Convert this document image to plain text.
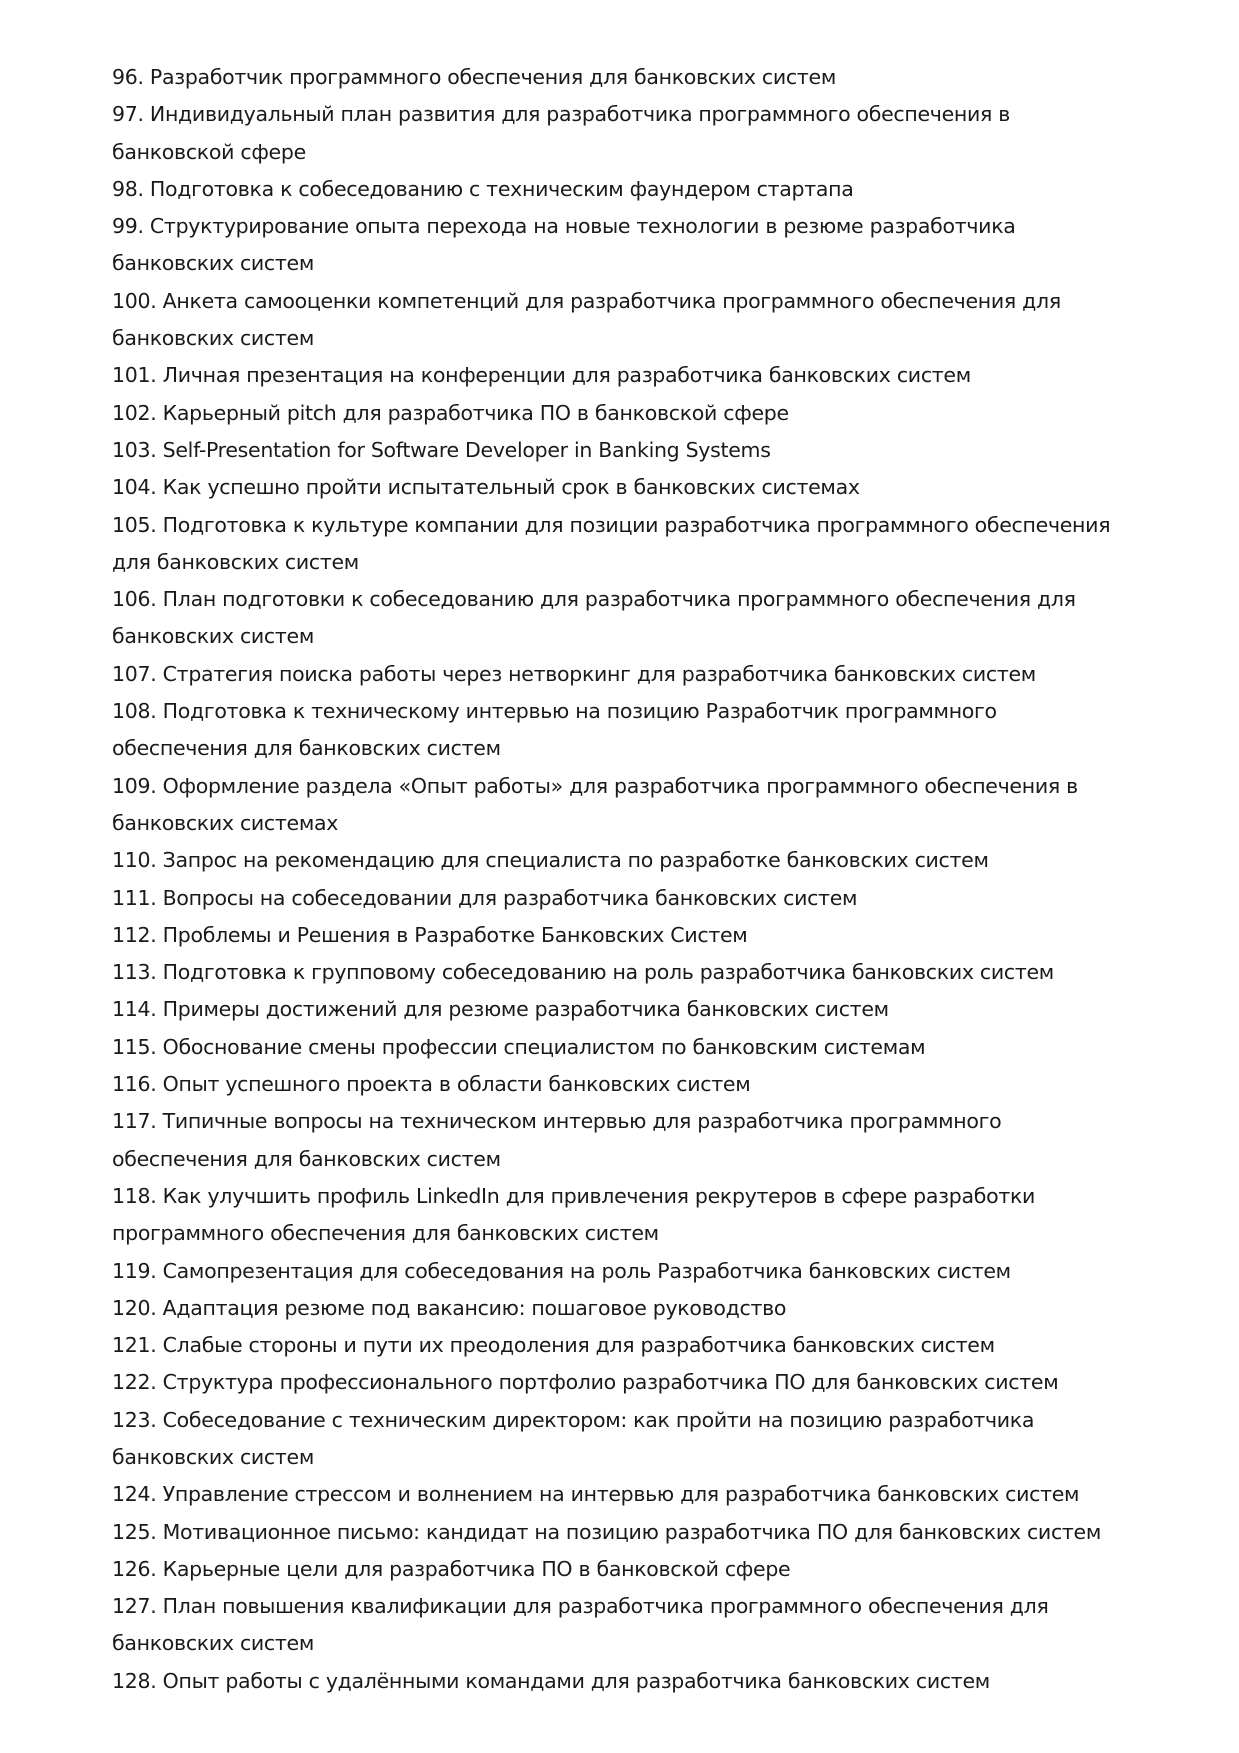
96. Разработчик программного обеспечения для банковских систем

97. Индивидуальный план развития для разработчика программного обеспечения в банковской сфере

98. Подготовка к собеседованию с техническим фаундером стартапа

99. Структурирование опыта перехода на новые технологии в резюме разработчика банковских систем

100. Анкета самооценки компетенций для разработчика программного обеспечения для банковских систем

101. Личная презентация на конференции для разработчика банковских систем

102. Карьерный pitch для разработчика ПО в банковской сфере

103. Self-Presentation for Software Developer in Banking Systems

104. Как успешно пройти испытательный срок в банковских системах

105. Подготовка к культуре компании для позиции разработчика программного обеспечения для банковских систем

106. План подготовки к собеседованию для разработчика программного обеспечения для банковских систем

107. Стратегия поиска работы через нетворкинг для разработчика банковских систем

108. Подготовка к техническому интервью на позицию Разработчик программного обеспечения для банковских систем

109. Оформление раздела «Опыт работы» для разработчика программного обеспечения в банковских системах

110. Запрос на рекомендацию для специалиста по разработке банковских систем

111. Вопросы на собеседовании для разработчика банковских систем

112. Проблемы и Решения в Разработке Банковских Систем

113. Подготовка к групповому собеседованию на роль разработчика банковских систем

114. Примеры достижений для резюме разработчика банковских систем

115. Обоснование смены профессии специалистом по банковским системам

116. Опыт успешного проекта в области банковских систем

117. Типичные вопросы на техническом интервью для разработчика программного обеспечения для банковских систем

118. Как улучшить профиль LinkedIn для привлечения рекрутеров в сфере разработки программного обеспечения для банковских систем

119. Самопрезентация для собеседования на роль Разработчика банковских систем

120. Адаптация резюме под вакансию: пошаговое руководство

121. Слабые стороны и пути их преодоления для разработчика банковских систем

122. Структура профессионального портфолио разработчика ПО для банковских систем

123. Собеседование с техническим директором: как пройти на позицию разработчика банковских систем

124. Управление стрессом и волнением на интервью для разработчика банковских систем

125. Мотивационное письмо: кандидат на позицию разработчика ПО для банковских систем

126. Карьерные цели для разработчика ПО в банковской сфере

127. План повышения квалификации для разработчика программного обеспечения для банковских систем

128. Опыт работы с удалёнными командами для разработчика банковских систем
